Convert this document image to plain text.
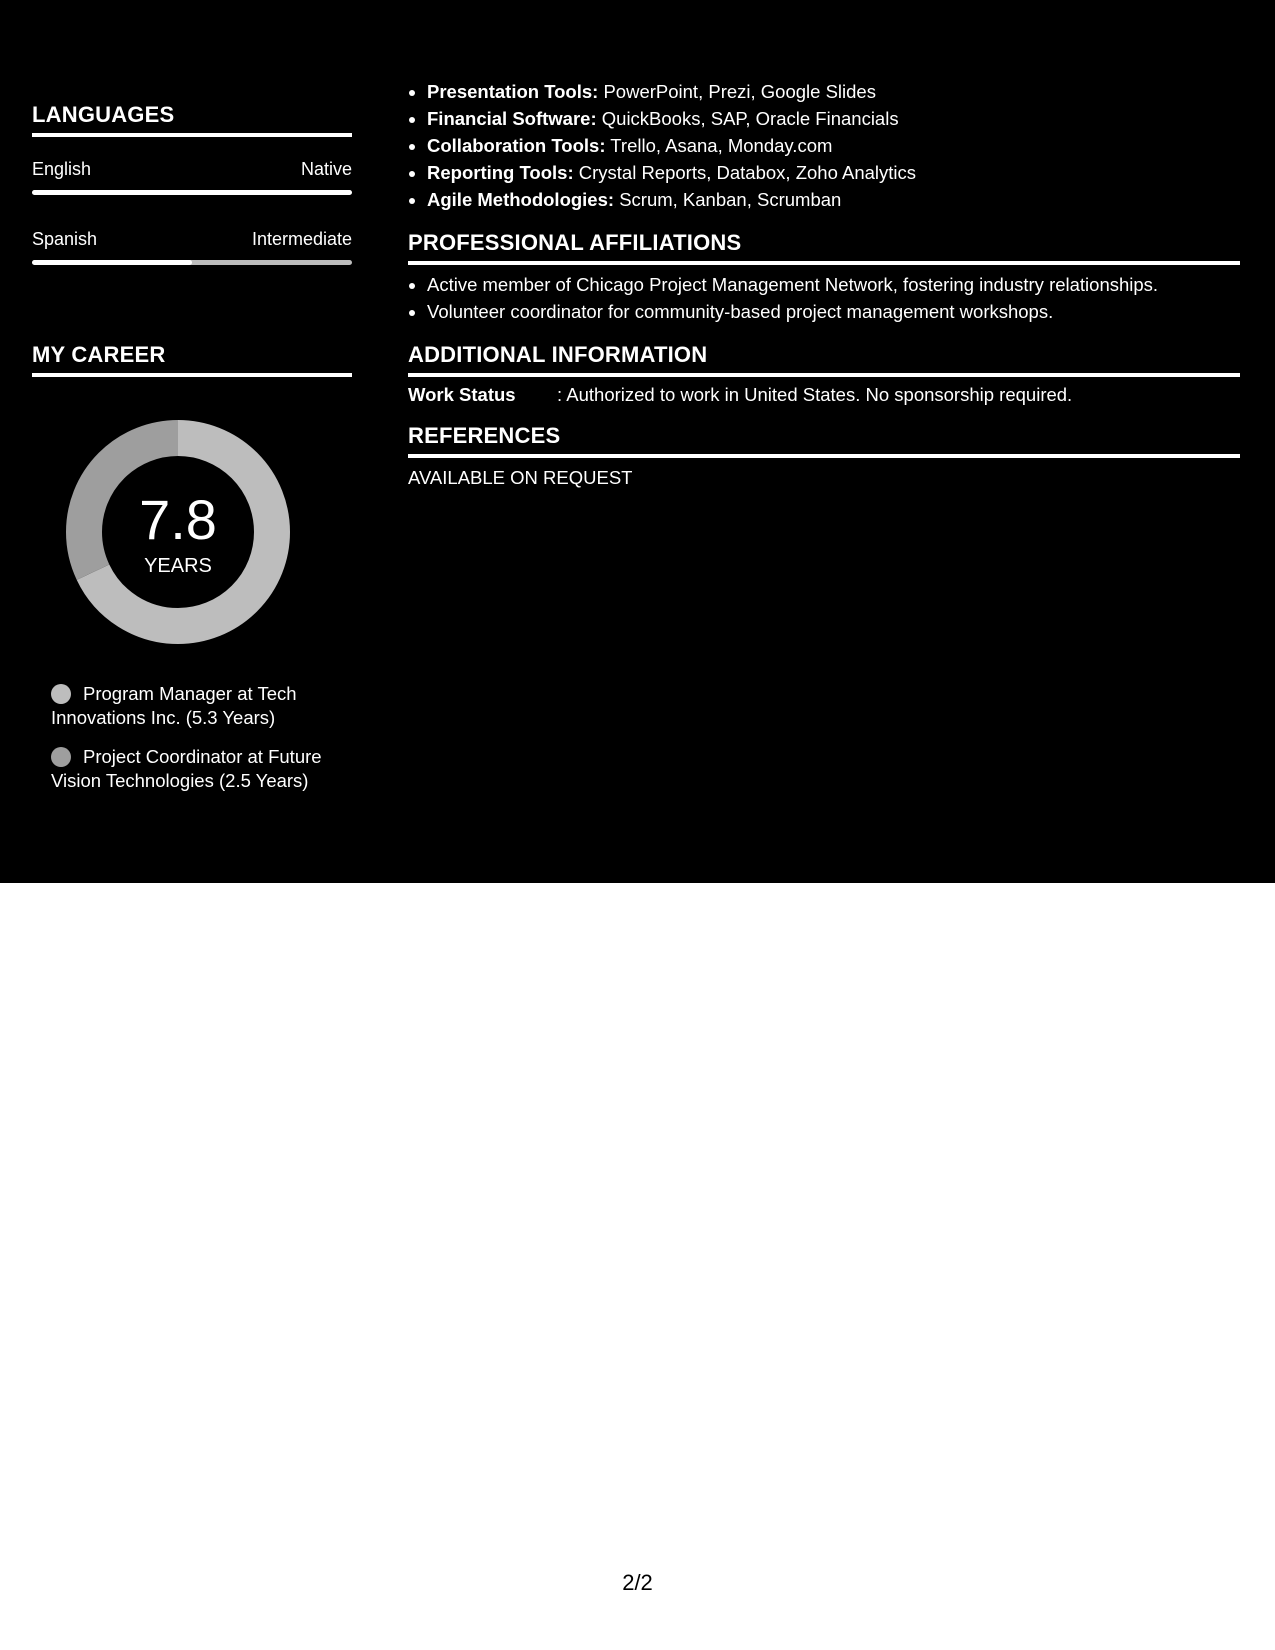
LANGUAGES
English	Native
Spanish	Intermediate
MY CAREER
7.8
YEARS
Program Manager at Tech Innovations Inc. (5.3 Years)
Project Coordinator at Future Vision Technologies (2.5 Years)
• Presentation Tools: PowerPoint, Prezi, Google Slides
• Financial Software: QuickBooks, SAP, Oracle Financials
• Collaboration Tools: Trello, Asana, Monday.com
• Reporting Tools: Crystal Reports, Databox, Zoho Analytics
• Agile Methodologies: Scrum, Kanban, Scrumban
PROFESSIONAL AFFILIATIONS
• Active member of Chicago Project Management Network, fostering industry relationships.
• Volunteer coordinator for community-based project management workshops.
ADDITIONAL INFORMATION
Work Status : Authorized to work in United States. No sponsorship required.
REFERENCES
AVAILABLE ON REQUEST
2/2
